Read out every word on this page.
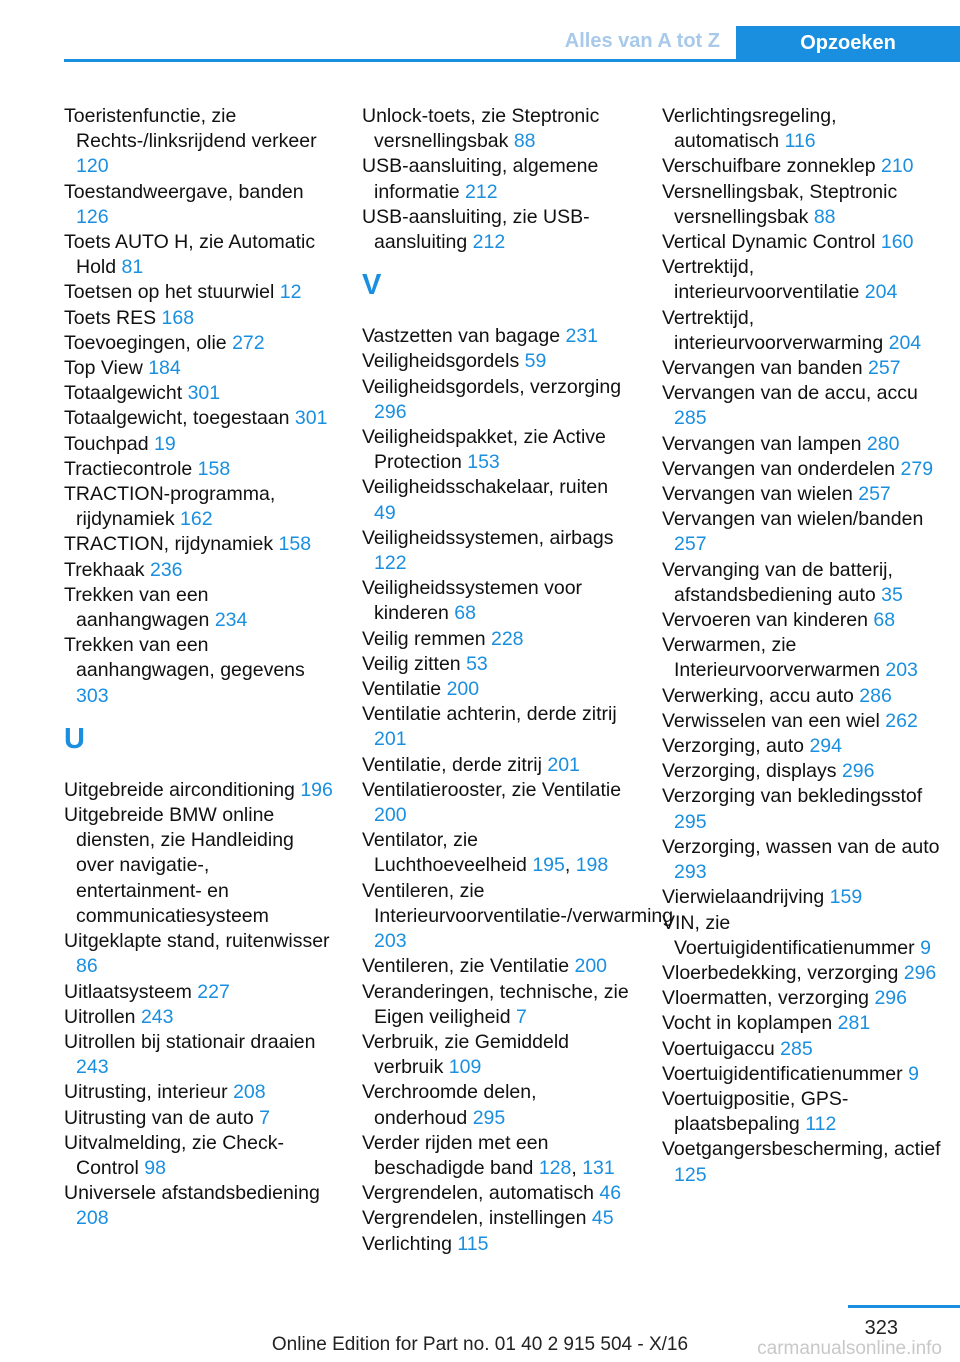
Alles van A tot Z	Opzoeken

Toeristenfunctie, zie Rechts-/linksrijdend verkeer 120

Toestandweergave, banden 126

Toets AUTO H, zie Automatic Hold 81

Toetsen op het stuurwiel 12

Toets RES 168

Toevoegingen, olie 272

Top View 184

Totaalgewicht 301

Totaalgewicht, toegestaan 301

Touchpad 19

Tractiecontrole 158

TRACTION-programma, rijdynamiek 162

TRACTION, rijdynamiek 158

Trekhaak 236

Trekken van een aanhangwagen 234

Trekken van een aanhangwagen, gegevens 303

U

Uitgebreide airconditioning 196

Uitgebreide BMW online diensten, zie Handleiding over navigatie-, entertainment- en communicatiesysteem

Uitgeklapte stand, ruitenwisser 86

Uitlaatsysteem 227

Uitrollen 243

Uitrollen bij stationair draaien 243

Uitrusting, interieur 208

Uitrusting van de auto 7

Uitvalmelding, zie Check-Control 98

Universele afstandsbediening 208

Unlock-toets, zie Steptronic versnellingsbak 88

USB-aansluiting, algemene informatie 212

USB-aansluiting, zie USB-aansluiting 212

V

Vastzetten van bagage 231

Veiligheidsgordels 59

Veiligheidsgordels, verzorging 296

Veiligheidspakket, zie Active Protection 153

Veiligheidsschakelaar, ruiten 49

Veiligheidssystemen, airbags 122

Veiligheidssystemen voor kinderen 68

Veilig remmen 228

Veilig zitten 53

Ventilatie 200

Ventilatie achterin, derde zitrij 201

Ventilatie, derde zitrij 201

Ventilatierooster, zie Ventilatie 200

Ventilator, zie Luchthoeveelheid 195, 198

Ventileren, zie Interieurvoorventilatie-/verwarming 203

Ventileren, zie Ventilatie 200

Veranderingen, technische, zie Eigen veiligheid 7

Verbruik, zie Gemiddeld verbruik 109

Verchroomde delen, onderhoud 295

Verder rijden met een beschadigde band 128, 131

Vergrendelen, automatisch 46

Vergrendelen, instellingen 45

Verlichting 115

Verlichtingsregeling, automatisch 116

Verschuifbare zonneklep 210

Versnellingsbak, Steptronic versnellingsbak 88

Vertical Dynamic Control 160

Vertrektijd, interieurvoorventilatie 204

Vertrektijd, interieurvoorverwarming 204

Vervangen van banden 257

Vervangen van de accu, accu 285

Vervangen van lampen 280

Vervangen van onderdelen 279

Vervangen van wielen 257

Vervangen van wielen/banden 257

Vervanging van de batterij, afstandsbediening auto 35

Vervoeren van kinderen 68

Verwarmen, zie Interieurvoorverwarmen 203

Verwerking, accu auto 286

Verwisselen van een wiel 262

Verzorging, auto 294

Verzorging, displays 296

Verzorging van bekledingsstof 295

Verzorging, wassen van de auto 293

Vierwielaandrijving 159

VIN, zie Voertuigidentificatienummer 9

Vloerbedekking, verzorging 296

Vloermatten, verzorging 296

Vocht in koplampen 281

Voertuigaccu 285

Voertuigidentificatienummer 9

Voertuigpositie, GPS-plaatsbepaling 112

Voetgangersbescherming, actief 125

323
Online Edition for Part no. 01 40 2 915 504 - X/16	carmanualsonline.info
